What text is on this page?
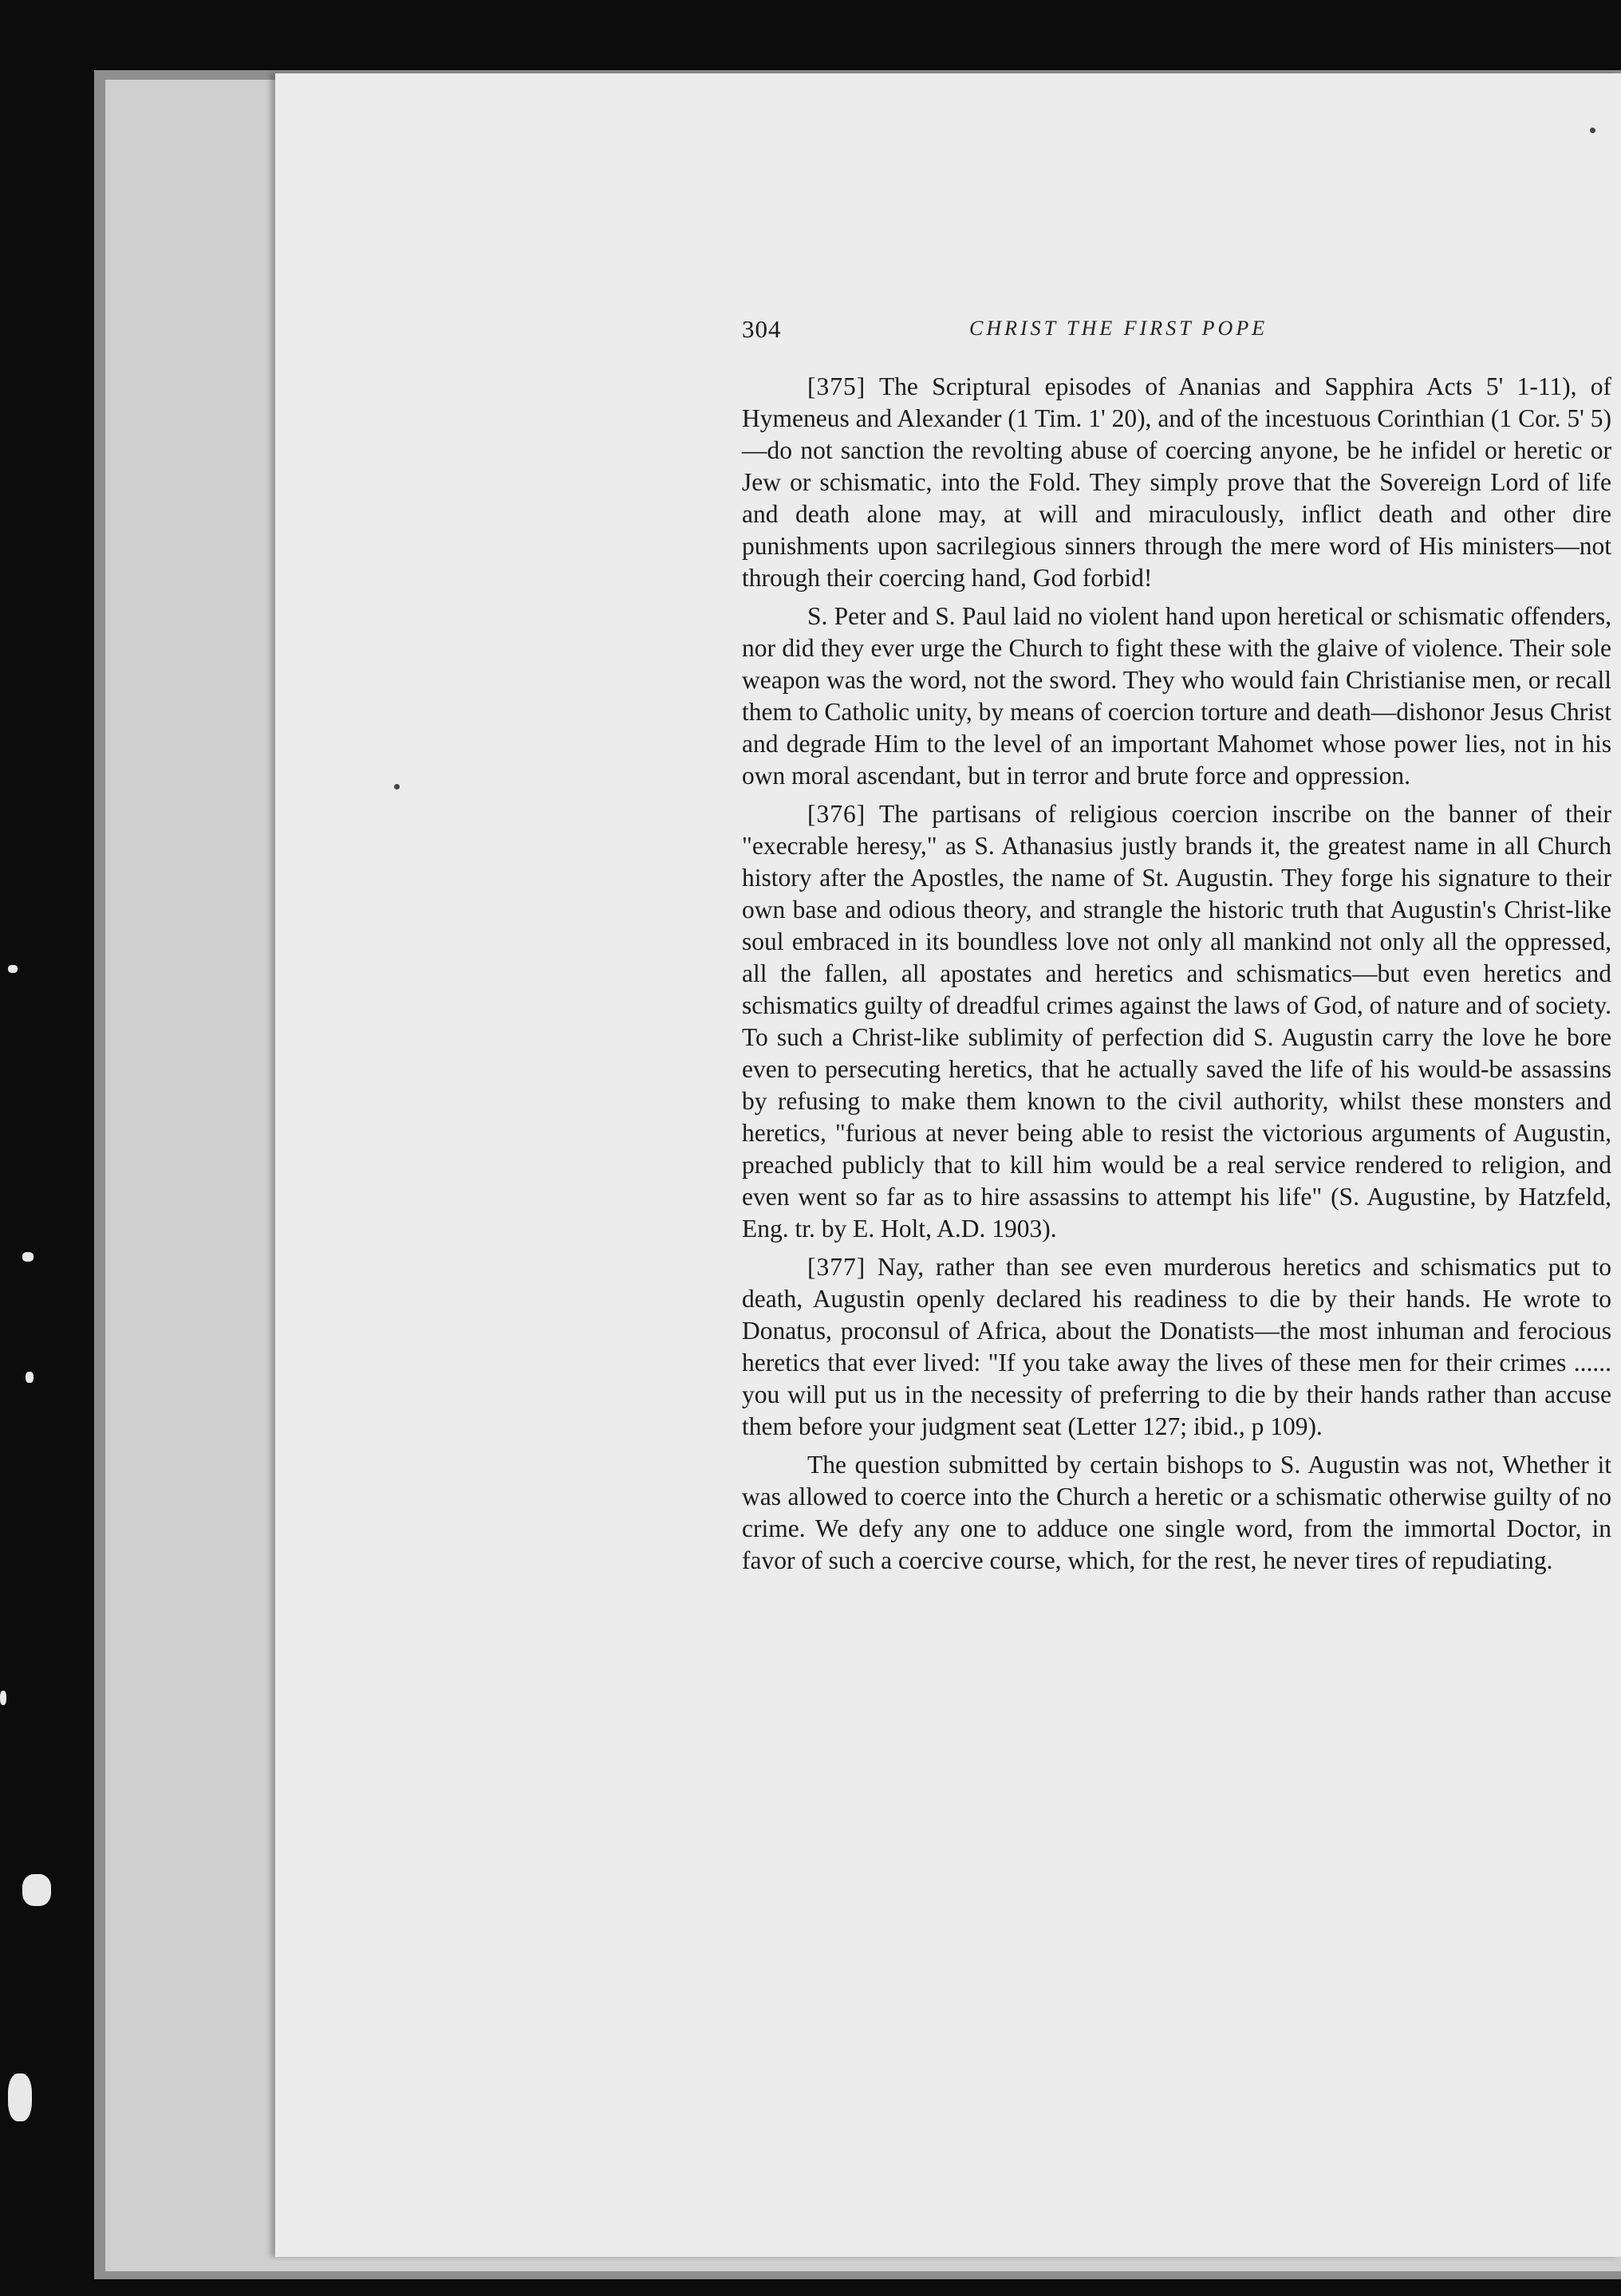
304	CHRIST THE FIRST POPE

[375] The Scriptural episodes of Ananias and Sapphira Acts 5' 1-11), of Hymeneus and Alexander (1 Tim. 1' 20), and of the incestuous Corinthian (1 Cor. 5' 5)—do not sanction the revolting abuse of coercing anyone, be he infidel or heretic or Jew or schismatic, into the Fold. They simply prove that the Sovereign Lord of life and death alone may, at will and miraculously, inflict death and other dire punishments upon sacrilegious sinners through the mere word of His ministers—not through their coercing hand, God forbid!

S. Peter and S. Paul laid no violent hand upon heretical or schismatic offenders, nor did they ever urge the Church to fight these with the glaive of violence. Their sole weapon was the word, not the sword. They who would fain Christianise men, or recall them to Catholic unity, by means of coercion torture and death—dishonor Jesus Christ and degrade Him to the level of an important Mahomet whose power lies, not in his own moral ascendant, but in terror and brute force and oppression.

[376] The partisans of religious coercion inscribe on the banner of their "execrable heresy," as S. Athanasius justly brands it, the greatest name in all Church history after the Apostles, the name of St. Augustin. They forge his signature to their own base and odious theory, and strangle the historic truth that Augustin's Christ-like soul embraced in its boundless love not only all mankind not only all the oppressed, all the fallen, all apostates and heretics and schismatics—but even heretics and schismatics guilty of dreadful crimes against the laws of God, of nature and of society. To such a Christ-like sublimity of perfection did S. Augustin carry the love he bore even to persecuting heretics, that he actually saved the life of his would-be assassins by refusing to make them known to the civil authority, whilst these monsters and heretics, "furious at never being able to resist the victorious arguments of Augustin, preached publicly that to kill him would be a real service rendered to religion, and even went so far as to hire assassins to attempt his life" (S. Augustine, by Hatzfeld, Eng. tr. by E. Holt, A.D. 1903).

[377] Nay, rather than see even murderous heretics and schismatics put to death, Augustin openly declared his readiness to die by their hands. He wrote to Donatus, proconsul of Africa, about the Donatists—the most inhuman and ferocious heretics that ever lived: "If you take away the lives of these men for their crimes ...... you will put us in the necessity of preferring to die by their hands rather than accuse them before your judgment seat (Letter 127; ibid., p 109).

The question submitted by certain bishops to S. Augustin was not, Whether it was allowed to coerce into the Church a heretic or a schismatic otherwise guilty of no crime. We defy any one to adduce one single word, from the immortal Doctor, in favor of such a coercive course, which, for the rest, he never tires of repudiating.
